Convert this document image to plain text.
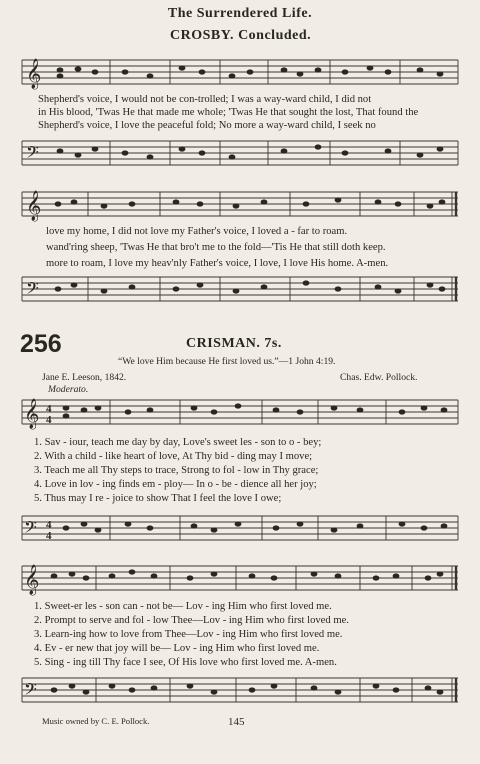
The Surrendered Life.
CROSBY. Concluded.
𝄞
Shepherd's voice, I would not be con-trolled; I was a way-ward child, I did not
in His blood, 'Twas He that made me whole; 'Twas He that sought the lost, That found the
Shepherd's voice, I love the peaceful fold; No more a way-ward child, I seek no
𝄢
𝄞
love my home, I did not love my Father's voice, I loved a - far to roam.
wand'ring sheep, 'Twas He that bro't me to the fold—'Tis He that still doth keep.
more to roam, I love my heav'nly Father's voice, I love, I love His home. A-men.
𝄢
256	CRISMAN. 7s.
“We love Him because He first loved us.”—1 John 4:19.
Jane E. Leeson, 1842.	Chas. Edw. Pollock.
Moderato.
𝄞 4
4
1. Sav - iour, teach me day by day, Love's sweet les - son to o - bey;
2. With a child - like heart of love, At Thy bid - ding may I move;
3. Teach me all Thy steps to trace, Strong to fol - low in Thy grace;
4. Love in lov - ing finds em - ploy— In o - be - dience all her joy;
5. Thus may I re - joice to show That I feel the love I owe;
𝄢 4
4
𝄞
1. Sweet-er les - son can - not be— Lov - ing Him who first loved me.
2. Prompt to serve and fol - low Thee—Lov - ing Him who first loved me.
3. Learn-ing how to love from Thee—Lov - ing Him who first loved me.
4. Ev - er new that joy will be— Lov - ing Him who first loved me.
5. Sing - ing till Thy face I see, Of His love who first loved me. A-men.
𝄢
Music owned by C. E. Pollock.	145
